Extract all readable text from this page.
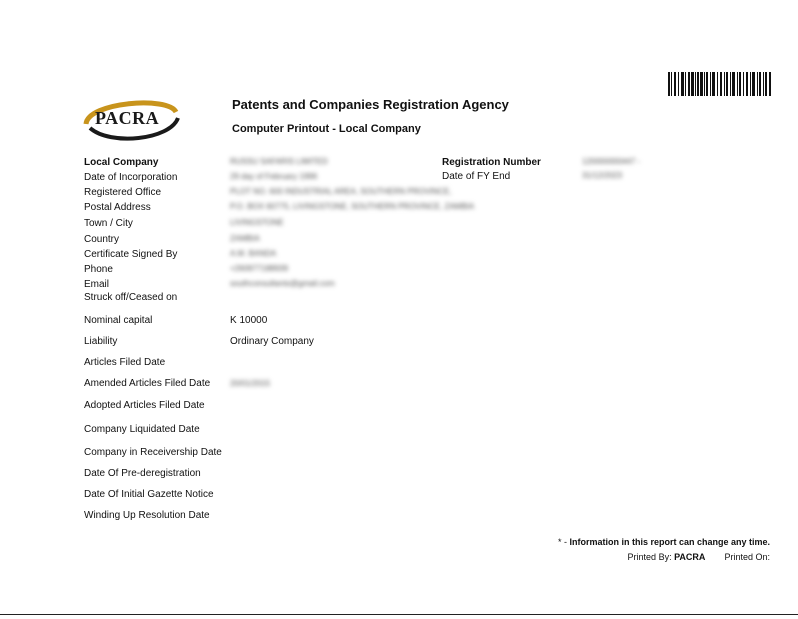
PACRA
Patents and Companies Registration Agency
Computer Printout - Local Company
Local Company
Date of Incorporation
Registered Office
Postal Address
Town / City
Country
Certificate Signed By
Phone
Email
Struck off/Ceased on
RUSSU SAFARIS LIMITED
29 day of February 1996
PLOT NO. 600 INDUSTRIAL AREA, SOUTHERN PROVINCE,
P.O. BOX 60775, LIVINGSTONE, SOUTHERN PROVINCE, ZAMBIA
LIVINGSTONE
ZAMBIA
A.M. BANDA
+260977188939
southconsultants@gmail.com
Registration Number
Date of FY End
120000000447 -
31/12/2023
Nominal capital
Liability
Articles Filed Date
Amended Articles Filed Date
Adopted Articles Filed Date
Company Liquidated Date
Company in Receivership Date
Date Of Pre-deregistration
Date Of Initial Gazette Notice
Winding Up Resolution Date
K 10000
Ordinary Company
20/01/2015
* - Information in this report can change any time.
Printed By: PACRA Printed On:
